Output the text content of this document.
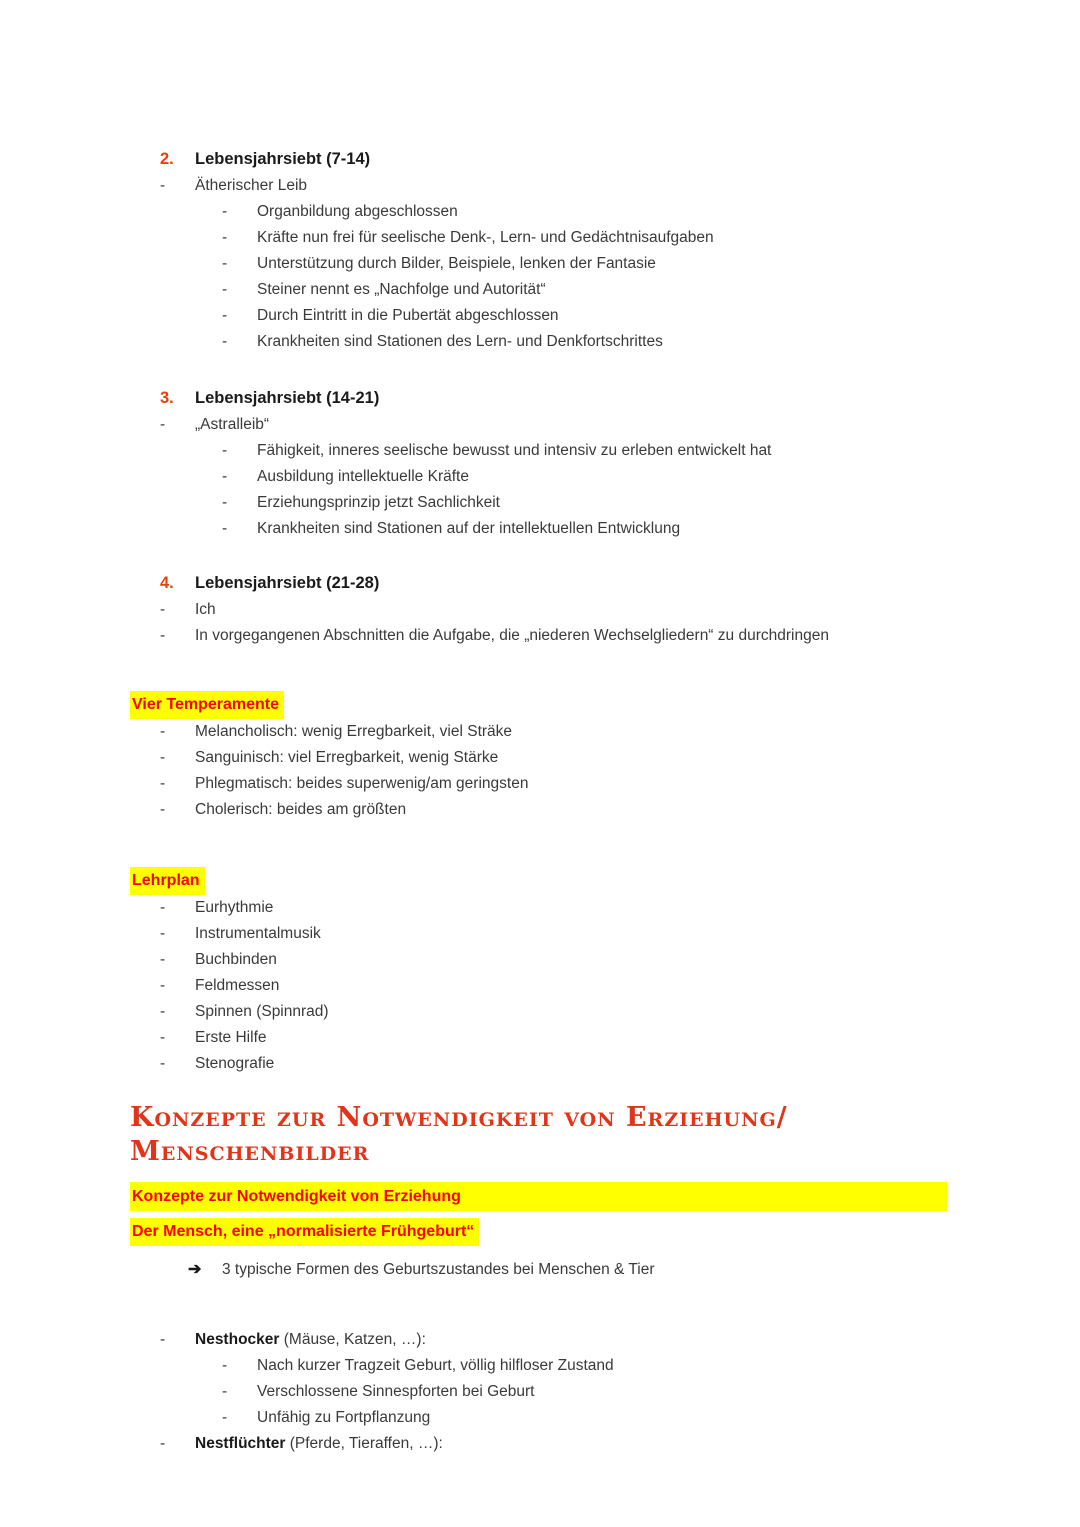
2.	Lebensjahrsiebt (7-14)
-	Ätherischer Leib
-	Organbildung abgeschlossen
-	Kräfte nun frei für seelische Denk-, Lern- und Gedächtnisaufgaben
-	Unterstützung durch Bilder, Beispiele, lenken der Fantasie
-	Steiner nennt es „Nachfolge und Autorität“
-	Durch Eintritt in die Pubertät abgeschlossen
-	Krankheiten sind Stationen des Lern- und Denkfortschrittes
3.	Lebensjahrsiebt (14-21)
-	„Astralleib“
-	Fähigkeit, inneres seelische bewusst und intensiv zu erleben entwickelt hat
-	Ausbildung intellektuelle Kräfte
-	Erziehungsprinzip jetzt Sachlichkeit
-	Krankheiten sind Stationen auf der intellektuellen Entwicklung
4.	Lebensjahrsiebt (21-28)
-	Ich
-	In vorgegangenen Abschnitten die Aufgabe, die „niederen Wechselgliedern“ zu durchdringen
Vier Temperamente
-	Melancholisch: wenig Erregbarkeit, viel Sträke
-	Sanguinisch: viel Erregbarkeit, wenig Stärke
-	Phlegmatisch: beides superwenig/am geringsten
-	Cholerisch: beides am größten
Lehrplan
-	Eurhythmie
-	Instrumentalmusik
-	Buchbinden
-	Feldmessen
-	Spinnen (Spinnrad)
-	Erste Hilfe
-	Stenografie
Konzepte zur Notwendigkeit von Erziehung/ Menschenbilder
Konzepte zur Notwendigkeit von Erziehung
Der Mensch, eine „normalisierte Frühgeburt“
➔	3 typische Formen des Geburtszustandes bei Menschen & Tier
-	Nesthocker (Mäuse, Katzen, …):
-	Nach kurzer Tragzeit Geburt, völlig hilfloser Zustand
-	Verschlossene Sinnespforten bei Geburt
-	Unfähig zu Fortpflanzung
-	Nestflüchter (Pferde, Tieraffen, …):
